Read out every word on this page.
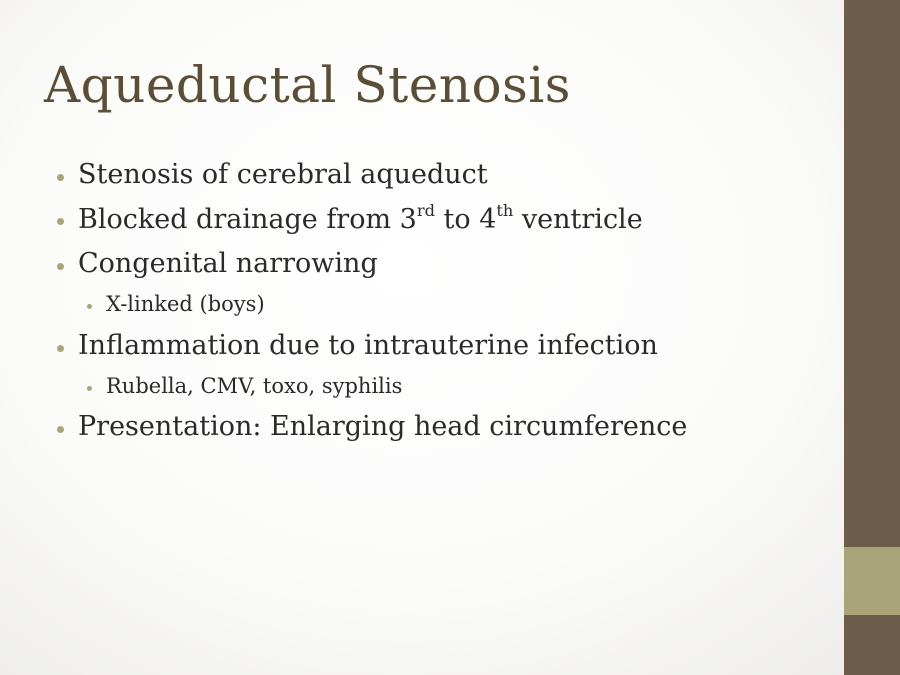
Aqueductal Stenosis
Stenosis of cerebral aqueduct
Blocked drainage from 3rd to 4th ventricle
Congenital narrowing
X-linked (boys)
Inflammation due to intrauterine infection
Rubella, CMV, toxo, syphilis
Presentation: Enlarging head circumference
